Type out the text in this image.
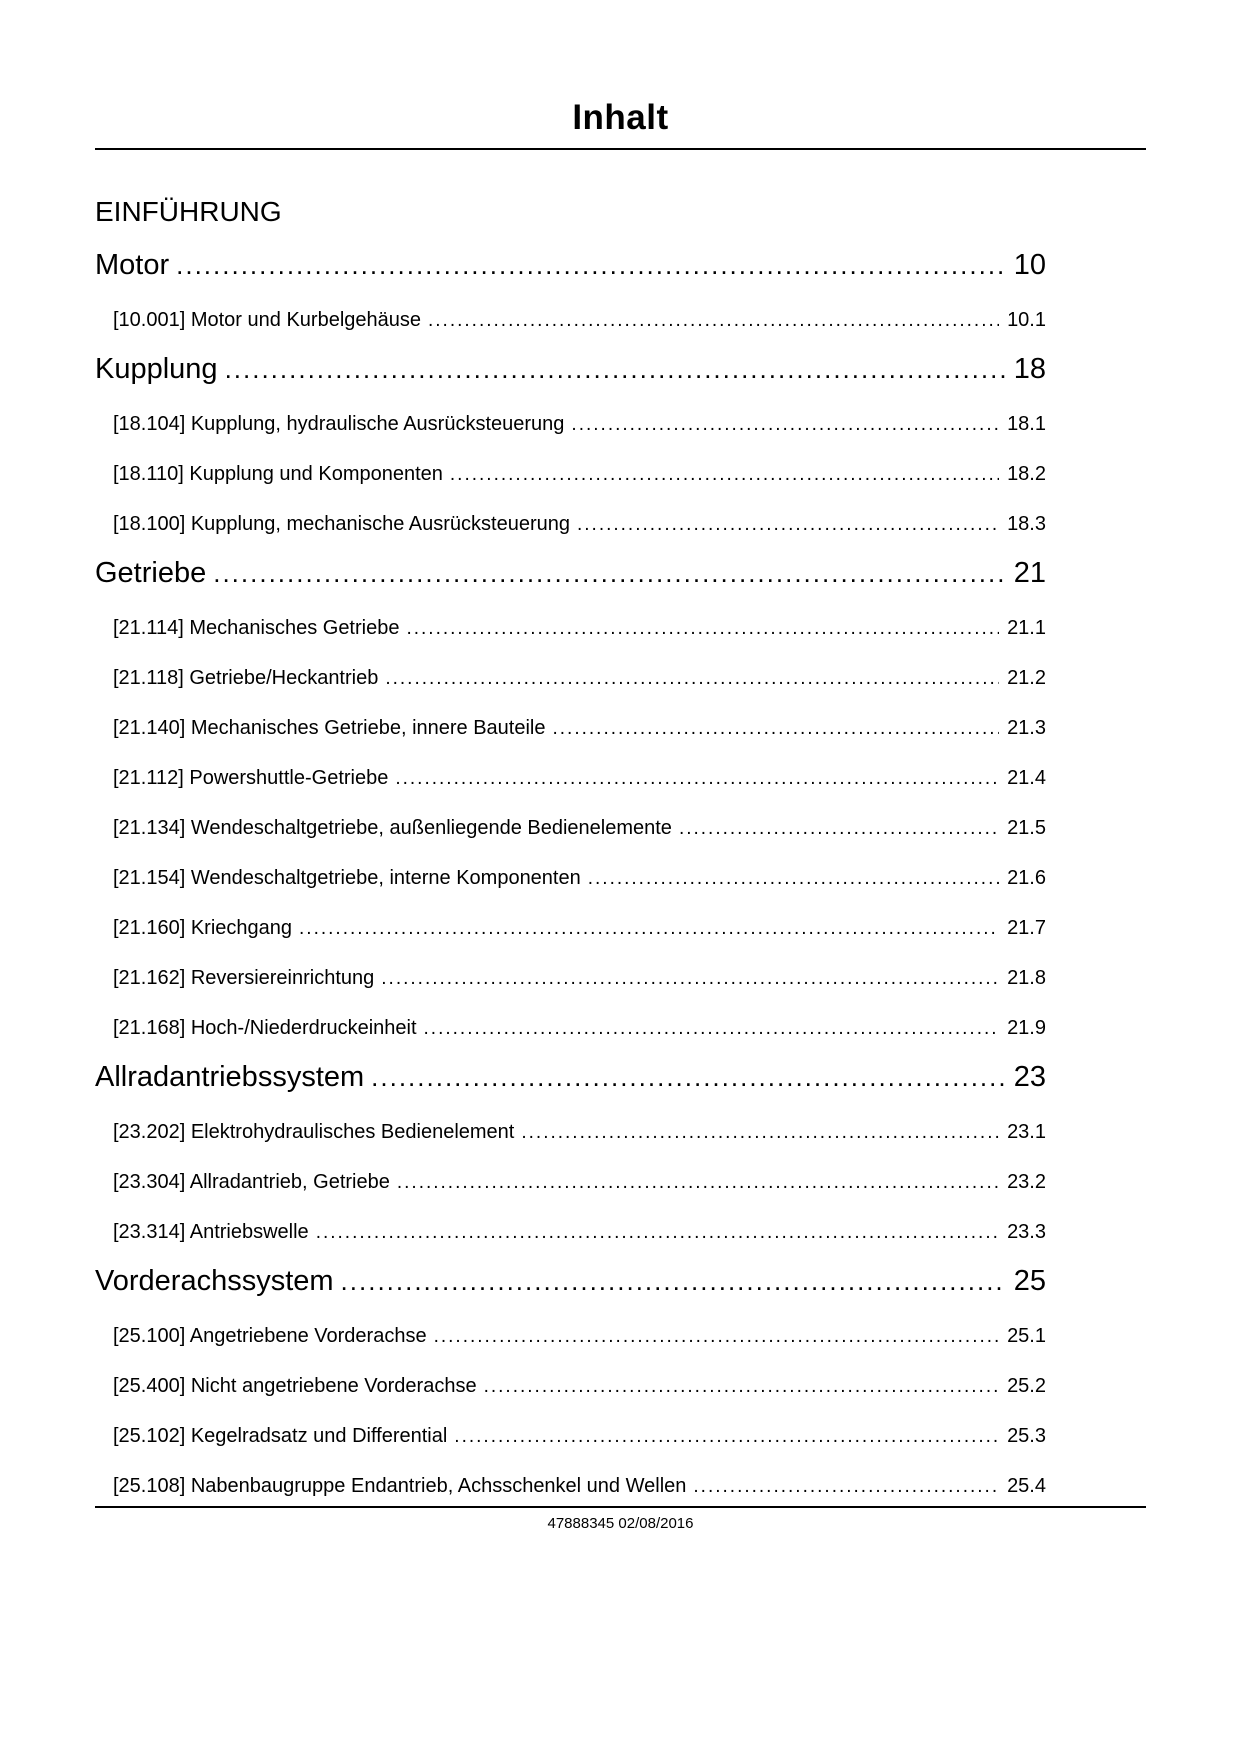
Inhalt
EINFÜHRUNG
Motor .....	10
[10.001] Motor und Kurbelgehäuse .....	10.1
Kupplung .....	18
[18.104] Kupplung, hydraulische Ausrücksteuerung .....	18.1
[18.110] Kupplung und Komponenten .....	18.2
[18.100] Kupplung, mechanische Ausrücksteuerung .....	18.3
Getriebe .....	21
[21.114] Mechanisches Getriebe .....	21.1
[21.118] Getriebe/Heckantrieb .....	21.2
[21.140] Mechanisches Getriebe, innere Bauteile .....	21.3
[21.112] Powershuttle-Getriebe .....	21.4
[21.134] Wendeschaltgetriebe, außenliegende Bedienelemente .....	21.5
[21.154] Wendeschaltgetriebe, interne Komponenten .....	21.6
[21.160] Kriechgang .....	21.7
[21.162] Reversiereinrichtung .....	21.8
[21.168] Hoch-/Niederdruckeinheit .....	21.9
Allradantriebssystem .....	23
[23.202] Elektrohydraulisches Bedienelement .....	23.1
[23.304] Allradantrieb, Getriebe .....	23.2
[23.314] Antriebswelle .....	23.3
Vorderachssystem .....	25
[25.100] Angetriebene Vorderachse .....	25.1
[25.400] Nicht angetriebene Vorderachse .....	25.2
[25.102] Kegelradsatz und Differential .....	25.3
[25.108] Nabenbaugruppe Endantrieb, Achsschenkel und Wellen .....	25.4
47888345 02/08/2016
